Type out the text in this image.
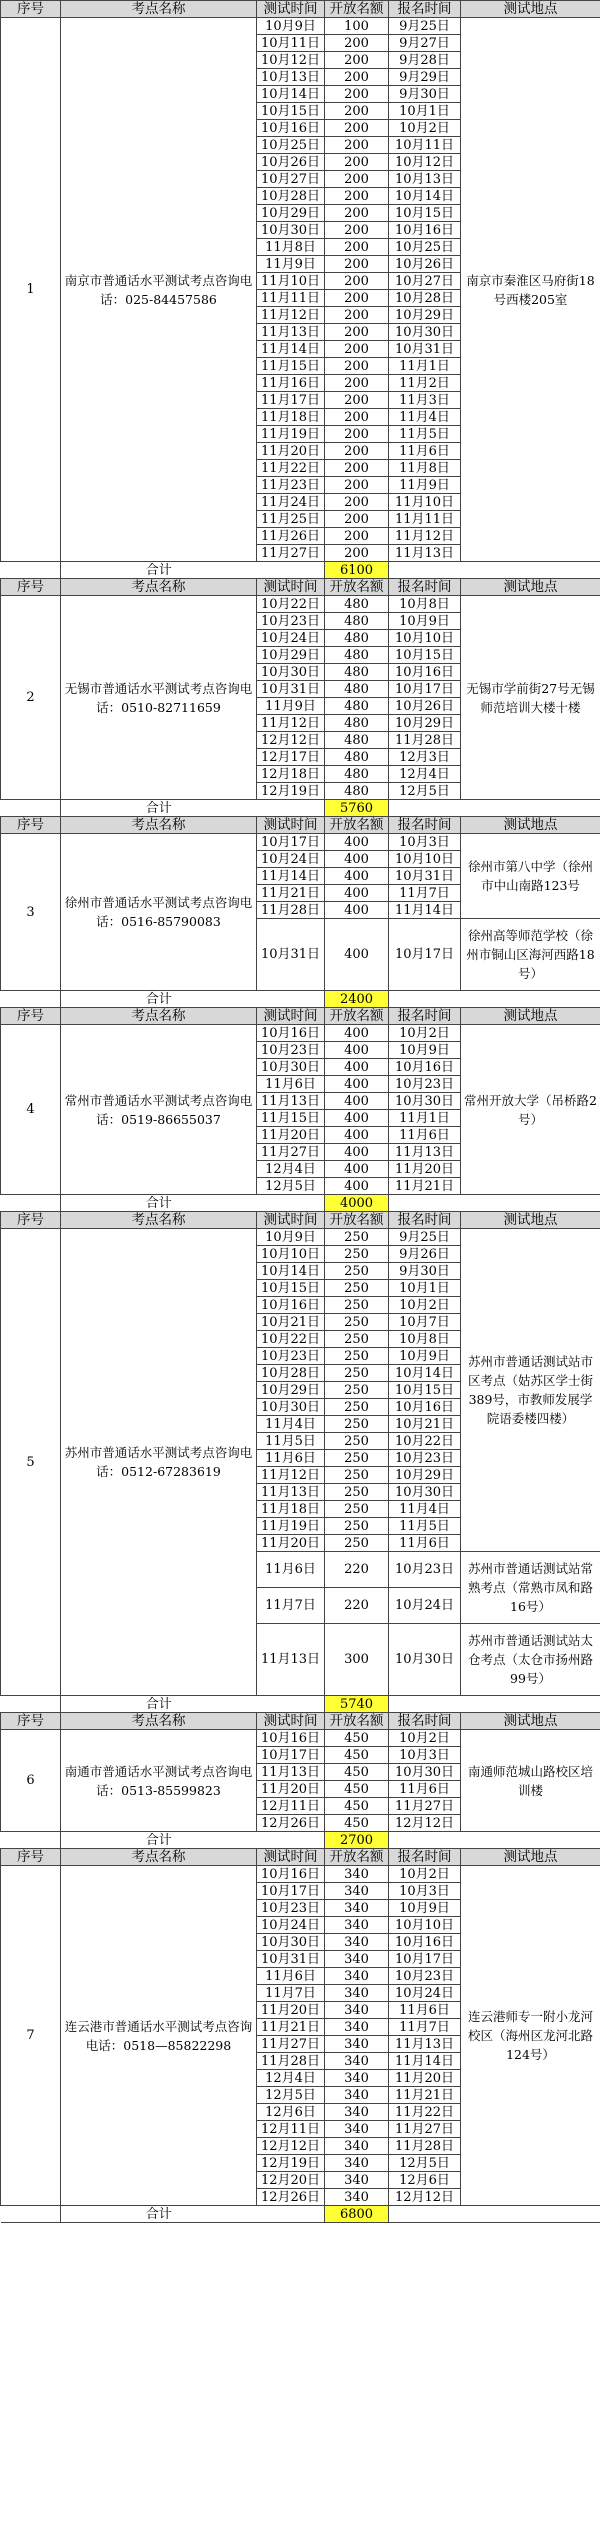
序号	考点名称	测试时间	开放名额	报名时间	测试地点
1	南京市普通话水平测试考点咨询电话：025-84457586	10月9日	100	9月25日	南京市秦淮区马府街18号西楼205室
		10月11日	200	9月27日	
		10月12日	200	9月28日	
		10月13日	200	9月29日	
		10月14日	200	9月30日	
		10月15日	200	10月1日	
		10月16日	200	10月2日	
		10月25日	200	10月11日	
		10月26日	200	10月12日	
		10月27日	200	10月13日	
		10月28日	200	10月14日	
		10月29日	200	10月15日	
		10月30日	200	10月16日	
		11月8日	200	10月25日	
		11月9日	200	10月26日	
		11月10日	200	10月27日	
		11月11日	200	10月28日	
		11月12日	200	10月29日	
		11月13日	200	10月30日	
		11月14日	200	10月31日	
		11月15日	200	11月1日	
		11月16日	200	11月2日	
		11月17日	200	11月3日	
		11月18日	200	11月4日	
		11月19日	200	11月5日	
		11月20日	200	11月6日	
		11月22日	200	11月8日	
		11月23日	200	11月9日	
		11月24日	200	11月10日	
		11月25日	200	11月11日	
		11月26日	200	11月12日	
		11月27日	200	11月13日	
	合计		6100		
序号	考点名称	测试时间	开放名额	报名时间	测试地点
2	无锡市普通话水平测试考点咨询电话：0510-82711659	10月22日	480	10月8日	无锡市学前街27号无锡师范培训大楼十楼
		10月23日	480	10月9日	
		10月24日	480	10月10日	
		10月29日	480	10月15日	
		10月30日	480	10月16日	
		10月31日	480	10月17日	
		11月9日	480	10月26日	
		11月12日	480	10月29日	
		12月12日	480	11月28日	
		12月17日	480	12月3日	
		12月18日	480	12月4日	
		12月19日	480	12月5日	
	合计		5760		
序号	考点名称	测试时间	开放名额	报名时间	测试地点
3	徐州市普通话水平测试考点咨询电话：0516-85790083	10月17日	400	10月3日	徐州市第八中学（徐州市中山南路123号
		10月24日	400	10月10日	
		11月14日	400	10月31日	
		11月21日	400	11月7日	
		11月28日	400	11月14日	
		10月31日	400	10月17日	徐州高等师范学校（徐州市铜山区海河西路18号）
	合计		2400		
序号	考点名称	测试时间	开放名额	报名时间	测试地点
4	常州市普通话水平测试考点咨询电话：0519-86655037	10月16日	400	10月2日	常州开放大学（吊桥路2号）
		10月23日	400	10月9日	
		10月30日	400	10月16日	
		11月6日	400	10月23日	
		11月13日	400	10月30日	
		11月15日	400	11月1日	
		11月20日	400	11月6日	
		11月27日	400	11月13日	
		12月4日	400	11月20日	
		12月5日	400	11月21日	
	合计		4000		
序号	考点名称	测试时间	开放名额	报名时间	测试地点
5	苏州市普通话水平测试考点咨询电话：0512-67283619	10月9日	250	9月25日	苏州市普通话测试站市区考点（姑苏区学士街389号，市教师发展学院语委楼四楼）
		10月10日	250	9月26日	
		10月14日	250	9月30日	
		10月15日	250	10月1日	
		10月16日	250	10月2日	
		10月21日	250	10月7日	
		10月22日	250	10月8日	
		10月23日	250	10月9日	
		10月28日	250	10月14日	
		10月29日	250	10月15日	
		10月30日	250	10月16日	
		11月4日	250	10月21日	
		11月5日	250	10月22日	
		11月6日	250	10月23日	
		11月12日	250	10月29日	
		11月13日	250	10月30日	
		11月18日	250	11月4日	
		11月19日	250	11月5日	
		11月20日	250	11月6日	
		11月6日	220	10月23日	苏州市普通话测试站常熟考点（常熟市凤和路16号）
		11月7日	220	10月24日	
		11月13日	300	10月30日	苏州市普通话测试站太仓考点（太仓市扬州路99号）
	合计		5740		
序号	考点名称	测试时间	开放名额	报名时间	测试地点
6	南通市普通话水平测试考点咨询电话：0513-85599823	10月16日	450	10月2日	南通师范城山路校区培训楼
		10月17日	450	10月3日	
		11月13日	450	10月30日	
		11月20日	450	11月6日	
		12月11日	450	11月27日	
		12月26日	450	12月12日	
	合计		2700		
序号	考点名称	测试时间	开放名额	报名时间	测试地点
7	连云港市普通话水平测试考点咨询电话：0518—85822298	10月16日	340	10月2日	连云港师专一附小龙河校区（海州区龙河北路124号）
		10月17日	340	10月3日	
		10月23日	340	10月9日	
		10月24日	340	10月10日	
		10月30日	340	10月16日	
		10月31日	340	10月17日	
		11月6日	340	10月23日	
		11月7日	340	10月24日	
		11月20日	340	11月6日	
		11月21日	340	11月7日	
		11月27日	340	11月13日	
		11月28日	340	11月14日	
		12月4日	340	11月20日	
		12月5日	340	11月21日	
		12月6日	340	11月22日	
		12月11日	340	11月27日	
		12月12日	340	11月28日	
		12月19日	340	12月5日	
		12月20日	340	12月6日	
		12月26日	340	12月12日	
	合计		6800		
